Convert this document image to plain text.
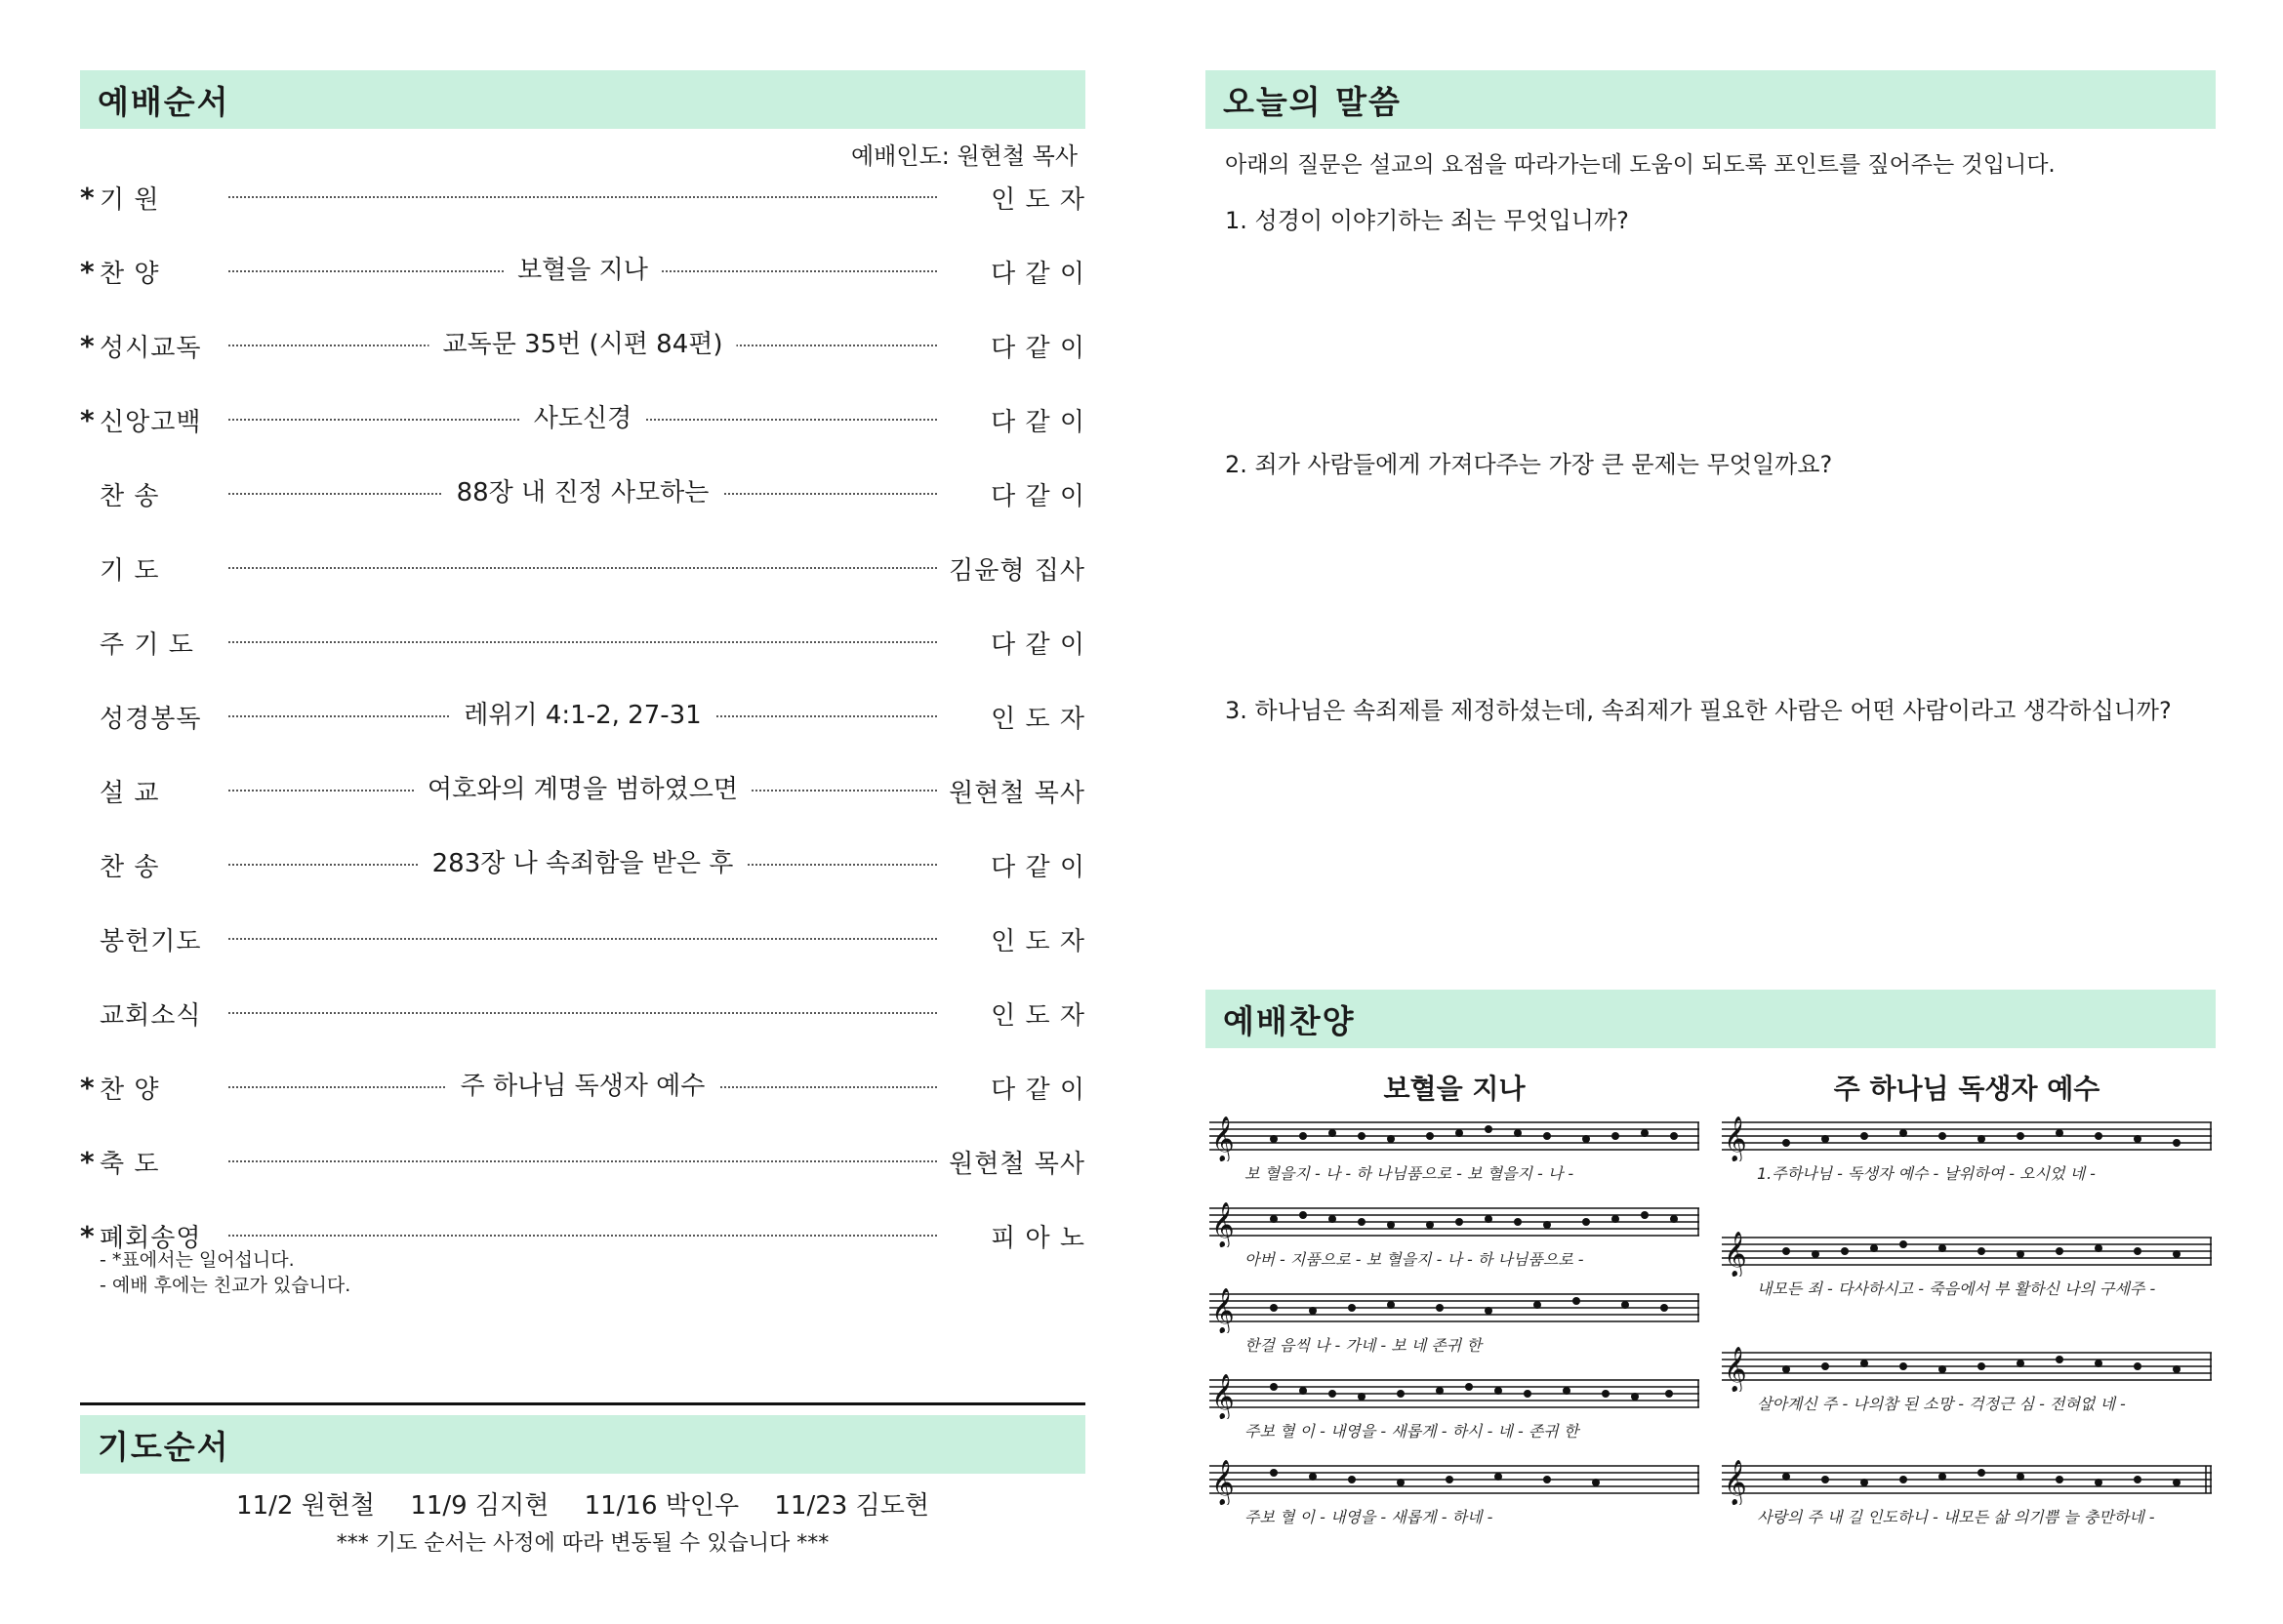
예배순서
예배인도: 원현철 목사
* 기 원	인 도 자
* 찬 양	보혈을 지나	다 같 이
* 성시교독	교독문 35번 (시편 84편)	다 같 이
* 신앙고백	사도신경	다 같 이
찬 송	88장 내 진정 사모하는	다 같 이
기 도	김윤형 집사
주 기 도	다 같 이
성경봉독	레위기 4:1-2, 27-31	인 도 자
설 교	여호와의 계명을 범하였으면	원현철 목사
찬 송	283장 나 속죄함을 받은 후	다 같 이
봉헌기도	인 도 자
교회소식	인 도 자
* 찬 양	주 하나님 독생자 예수	다 같 이
* 축 도	원현철 목사
* 폐회송영	피 아 노
- *표에서는 일어섭니다.
- 예배 후에는 친교가 있습니다.
기도순서
11/2 원현철 11/9 김지현 11/16 박인우 11/23 김도현
*** 기도 순서는 사정에 따라 변동될 수 있습니다 ***
오늘의 말씀
아래의 질문은 설교의 요점을 따라가는데 도움이 되도록 포인트를 짚어주는 것입니다.
1. 성경이 이야기하는 죄는 무엇입니까?
2. 죄가 사람들에게 가져다주는 가장 큰 문제는 무엇일까요?
3. 하나님은 속죄제를 제정하셨는데, 속죄제가 필요한 사람은 어떤 사람이라고 생각하십니까?
예배찬양
보혈을 지나	주 하나님 독생자 예수
𝄞
보 혈을지 - 나 - 하 나님품으로 - 보 혈을지 - 나 -
𝄞
아버 - 지품으로 - 보 혈을지 - 나 - 하 나님품으로 -
𝄞
한걸 음씩 나 - 가네 - 보 네 존귀 한
𝄞
주보 혈 이 - 내영을 - 새롭게 - 하시 - 네 - 존귀 한
𝄞
주보 혈 이 - 내영을 - 새롭게 - 하네 -
𝄞
1.주하나님 - 독생자 예수 - 날위하여 - 오시었 네 -
𝄞
내모든 죄 - 다사하시고 - 죽음에서 부 활하신 나의 구세주 -
𝄞
살아계신 주 - 나의참 된 소망 - 걱정근 심 - 전혀없 네 -
𝄞
사랑의 주 내 길 인도하니 - 내모든 삶 의기쁨 늘 충만하네 -
